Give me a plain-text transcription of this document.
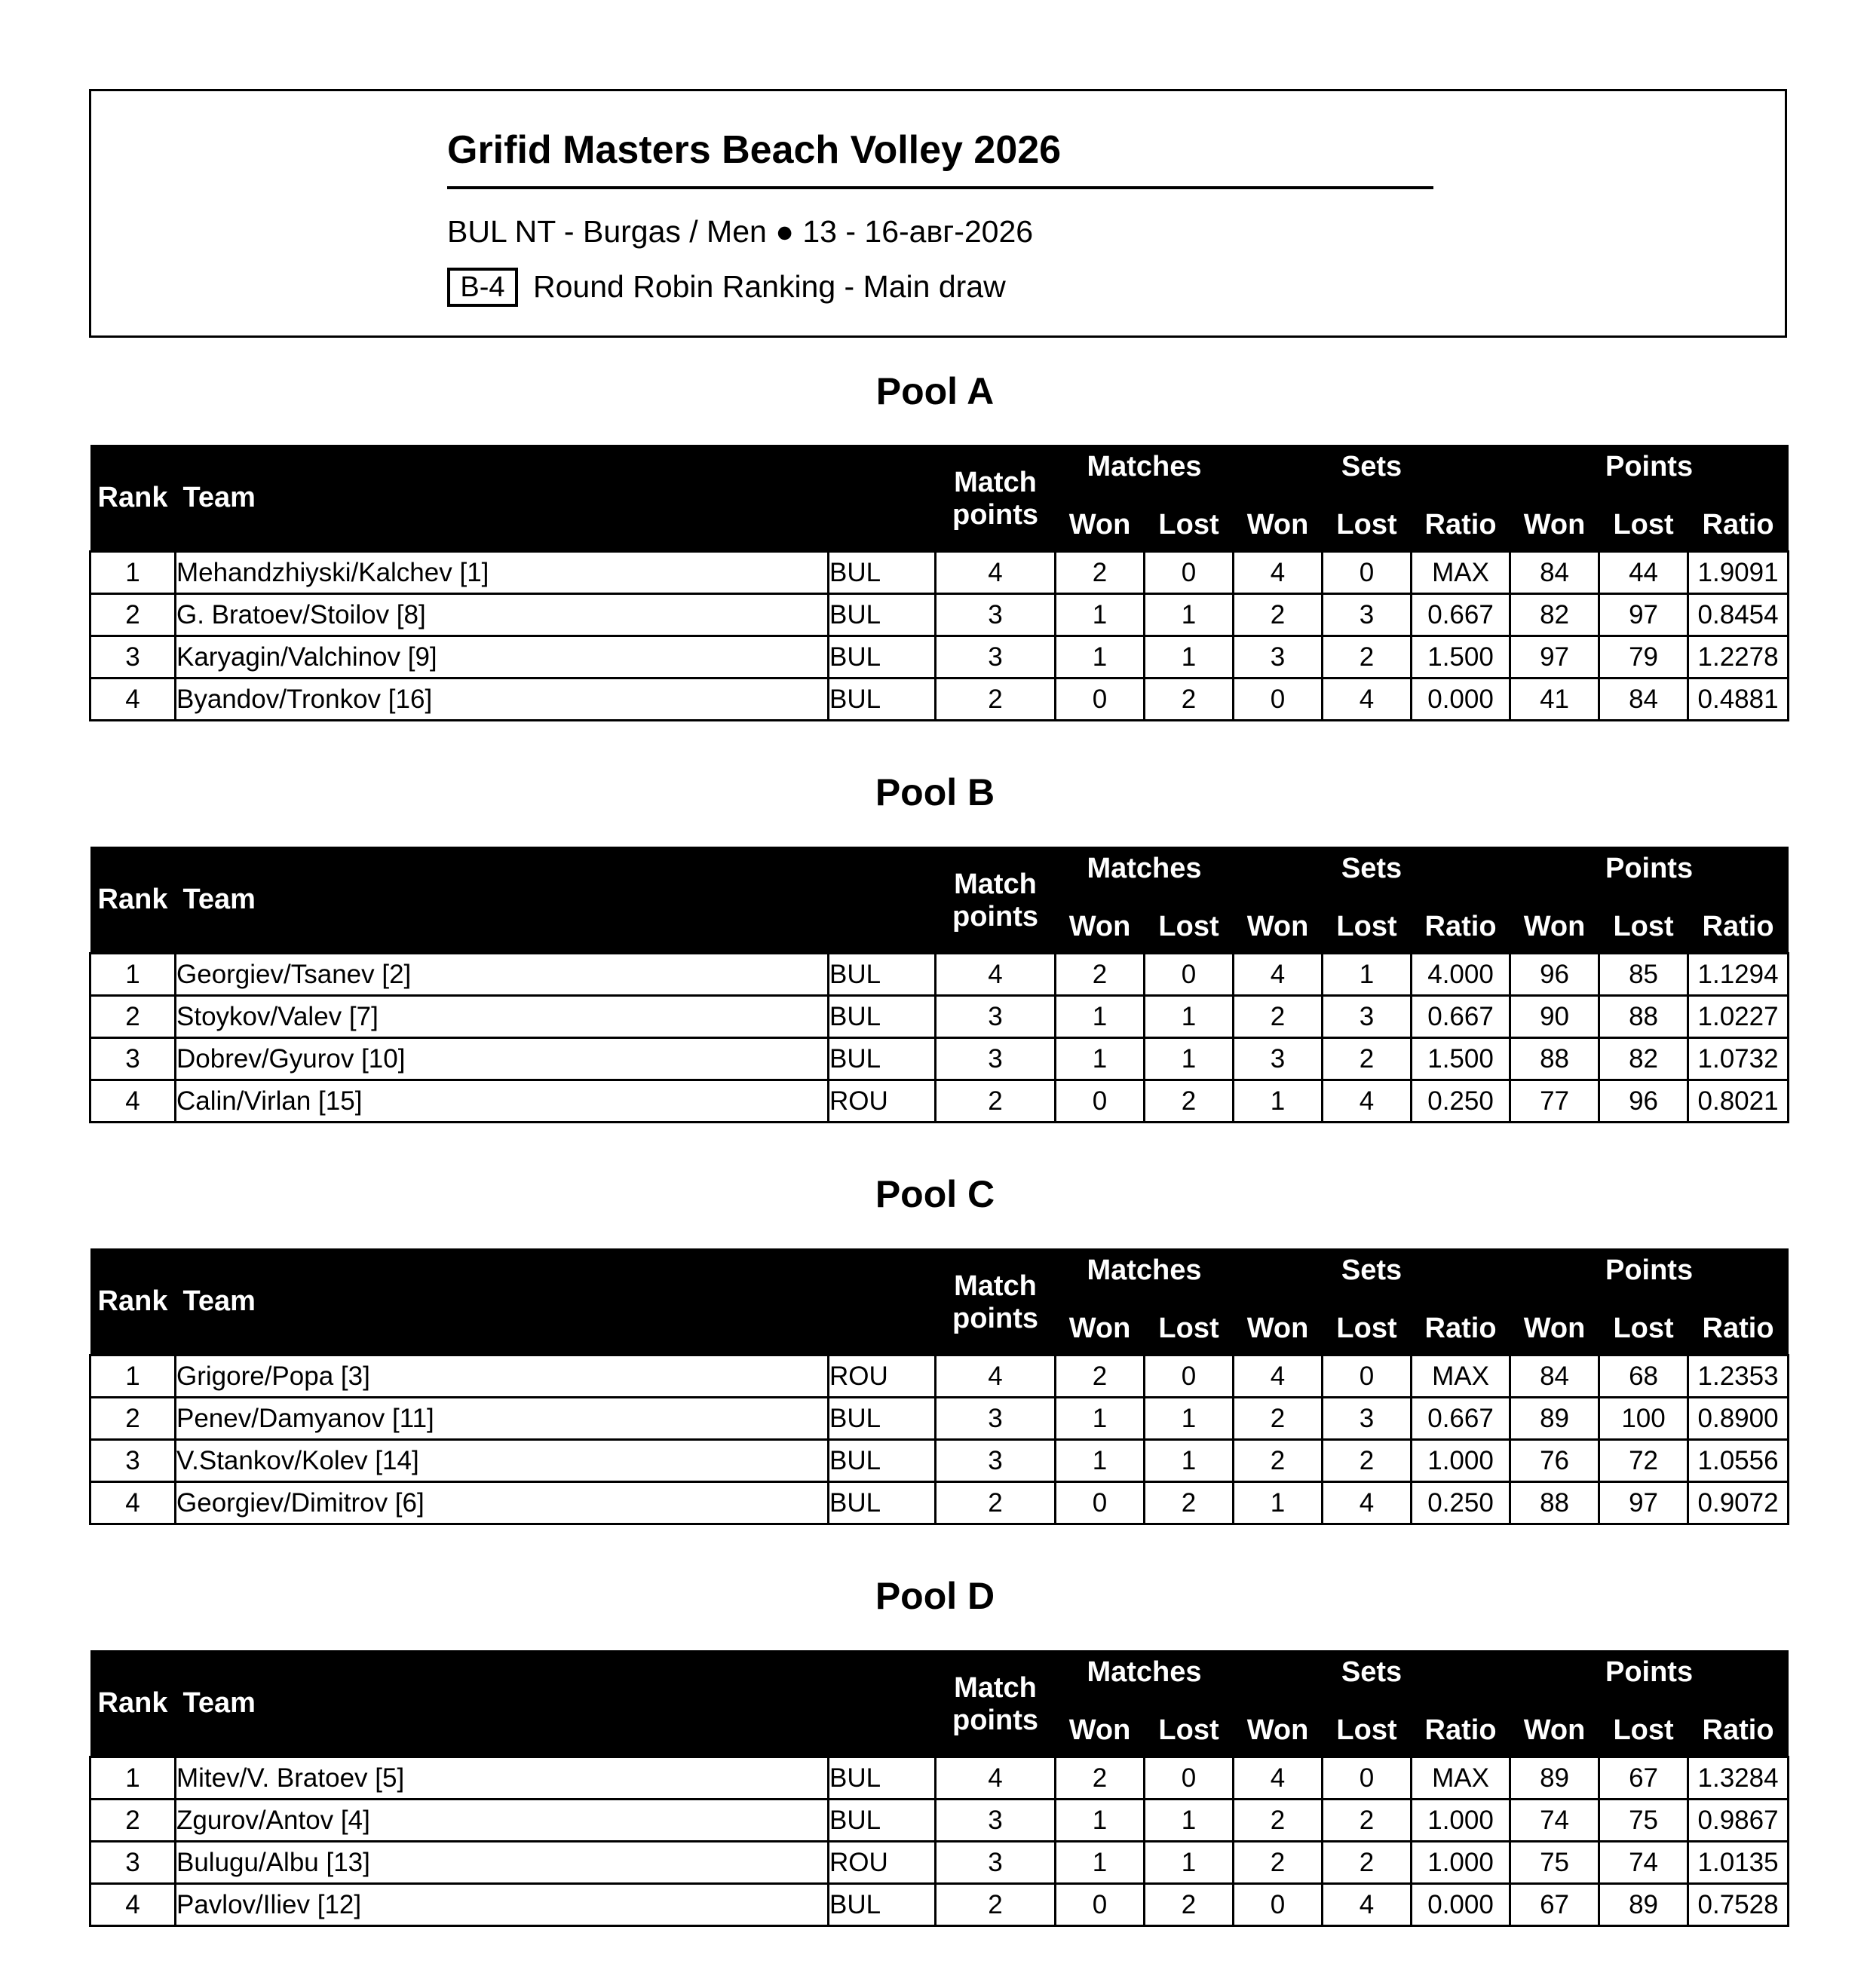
Grifid Masters Beach Volley 2026
BUL NT - Burgas / Men ● 13 - 16-авг-2026
B-4 Round Robin Ranking - Main draw
Pool A
Rank	Team		Match	Matches		Sets			Points		
			points	Won	Lost	Won	Lost	Ratio	Won	Lost	Ratio
1	Mehandzhiyski/Kalchev [1]	BUL	4	2	0	4	0	MAX	84	44	1.9091
2	G. Bratoev/Stoilov [8]	BUL	3	1	1	2	3	0.667	82	97	0.8454
3	Karyagin/Valchinov [9]	BUL	3	1	1	3	2	1.500	97	79	1.2278
4	Byandov/Tronkov [16]	BUL	2	0	2	0	4	0.000	41	84	0.4881
Pool B
Rank	Team		Match	Matches		Sets			Points		
			points	Won	Lost	Won	Lost	Ratio	Won	Lost	Ratio
1	Georgiev/Tsanev [2]	BUL	4	2	0	4	1	4.000	96	85	1.1294
2	Stoykov/Valev [7]	BUL	3	1	1	2	3	0.667	90	88	1.0227
3	Dobrev/Gyurov [10]	BUL	3	1	1	3	2	1.500	88	82	1.0732
4	Calin/Virlan [15]	ROU	2	0	2	1	4	0.250	77	96	0.8021
Pool C
Rank	Team		Match	Matches		Sets			Points		
			points	Won	Lost	Won	Lost	Ratio	Won	Lost	Ratio
1	Grigore/Popa [3]	ROU	4	2	0	4	0	MAX	84	68	1.2353
2	Penev/Damyanov [11]	BUL	3	1	1	2	3	0.667	89	100	0.8900
3	V.Stankov/Kolev [14]	BUL	3	1	1	2	2	1.000	76	72	1.0556
4	Georgiev/Dimitrov [6]	BUL	2	0	2	1	4	0.250	88	97	0.9072
Pool D
Rank	Team		Match	Matches		Sets			Points		
			points	Won	Lost	Won	Lost	Ratio	Won	Lost	Ratio
1	Mitev/V. Bratoev [5]	BUL	4	2	0	4	0	MAX	89	67	1.3284
2	Zgurov/Antov [4]	BUL	3	1	1	2	2	1.000	74	75	0.9867
3	Bulugu/Albu [13]	ROU	3	1	1	2	2	1.000	75	74	1.0135
4	Pavlov/Iliev [12]	BUL	2	0	2	0	4	0.000	67	89	0.7528
